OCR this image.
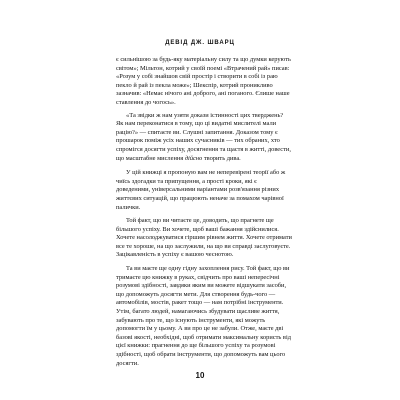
ДЕВІД ДЖ. ШВАРЦ

є сильнішою за будь-яку матеріальну силу та що думки керують світом»; Мільтон, котрий у своїй поемі «Втрачений рай» писав: «Розум у собі знайшов свій простір і створити в собі із раю пекло й рай із пекла може»; Шекспір, котрий проникливо зазначив: «Немає нічого ані доброго, ані поганого. Єлише наше ставлення до чогось».

«Та звідки ж нам узяти докази істинності цих тверджень? Як нам переконатися в тому, що ці видатні мислителі мали рацію?» — спитаєте ви. Слушні запитання. Доказом тому є прошарок поміж усіх наших сучасників — тих обраних, хто спромігся досягти успіху, досягнення та щастя в житті, довести, що масштабне мислення дійсно творить дива.

У цій книжці я пропоную вам не неперевірені теорії або ж чиїсь здогадки та припущення, а прості кроки, які є доведеними, універсальними варіантами розв'язання різних життєвих ситуацій, що працюють неначе за помахом чарівної палички.

Той факт, що ви читаєте це, доводить, що прагнете ще більшого успіху. Ви хочете, щоб ваші бажання здійснилися. Хочете насолоджуватися гіршим рівнем життя. Хочете отримати все те хороше, на що заслужили, на що ви справді заслуговуєте. Зацікавленість в успіху є вашою чеснотою.

Та ви маєте ще одну гідну захоплення рису. Той факт, що ви тримаєте цю книжку в руках, свідчить про ваші непересічні розумові здібності, завдяки яким ви можете відшукати засоби, що допоможуть досягти мети. Для створення будь-чого — автомобілів, мостів, ракет тощо — нам потрібні інструменти. Утім, багато людей, намагаючись збудувати щасливе життя, забувають про те, що існують інструменти, які можуть допомогти їм у цьому. А ви про це не забули. Отже, маєте дві базові якості, необхідні, щоб отримати максимальну користь від цієї книжки: прагнення до ще більшого успіху та розумові здібності, щоб обрати інструменти, що допоможуть вам цього досягти.

10
